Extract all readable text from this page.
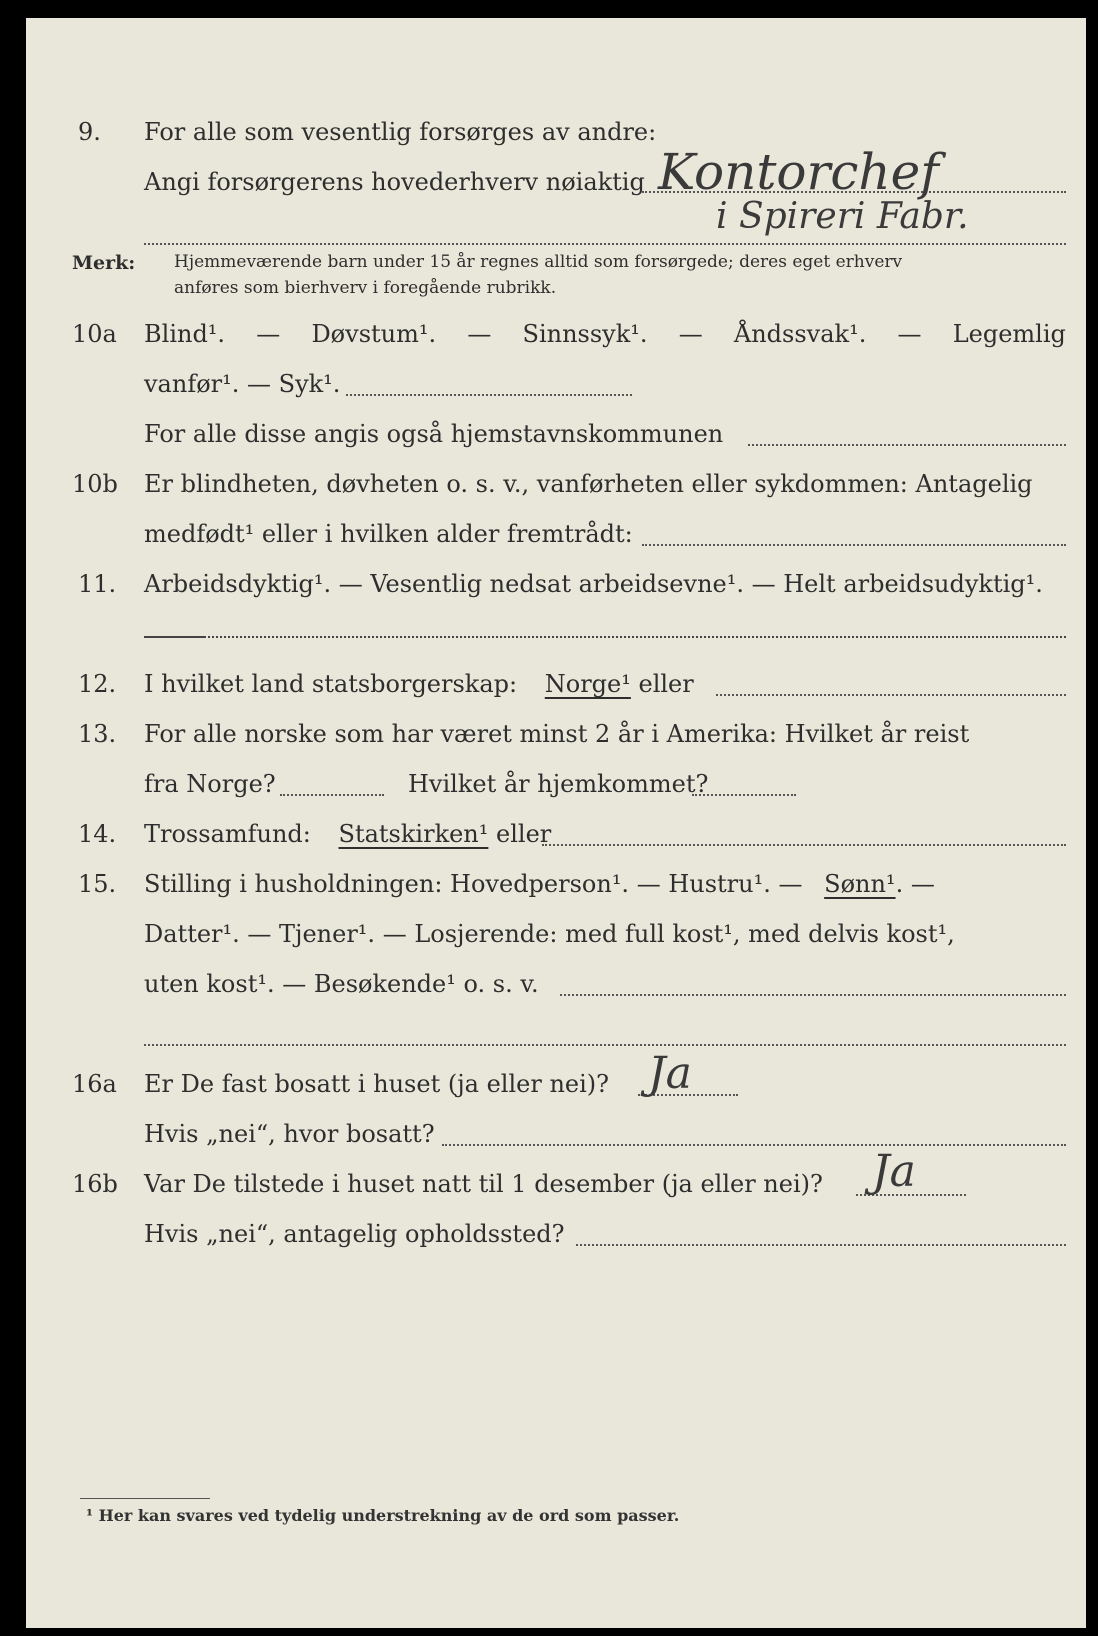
9. For alle som vesentlig forsørges av andre:
Angi forsørgerens hovederhverv nøiaktig Kontorchef
i Spireri Fabr.
Merk: Hjemmeværende barn under 15 år regnes alltid som forsørgede; deres eget erhverv
anføres som bierhverv i foregående rubrikk.
10a Blind¹. — Døvstum¹. — Sinnssyk¹. — Åndssvak¹. — Legemlig
vanfør¹. — Syk¹.
For alle disse angis også hjemstavnskommunen
10b Er blindheten, døvheten o. s. v., vanførheten eller sykdommen: Antagelig
medfødt¹ eller i hvilken alder fremtrådt:
11. Arbeidsdyktig¹. — Vesentlig nedsat arbeidsevne¹. — Helt arbeidsudyktig¹.
12. I hvilket land statsborgerskap: Norge¹ eller
13. For alle norske som har været minst 2 år i Amerika: Hvilket år reist
fra Norge?	Hvilket år hjemkommet?
14. Trossamfund: Statskirken¹ eller
15. Stilling i husholdningen: Hovedperson¹. — Hustru¹. — Sønn¹. —
Datter¹. — Tjener¹. — Losjerende: med full kost¹, med delvis kost¹,
uten kost¹. — Besøkende¹ o. s. v.
16a Er De fast bosatt i huset (ja eller nei)? Ja
Hvis „nei“, hvor bosatt?
16b Var De tilstede i huset natt til 1 desember (ja eller nei)? Ja
Hvis „nei“, antagelig opholdssted?
¹ Her kan svares ved tydelig understrekning av de ord som passer.
